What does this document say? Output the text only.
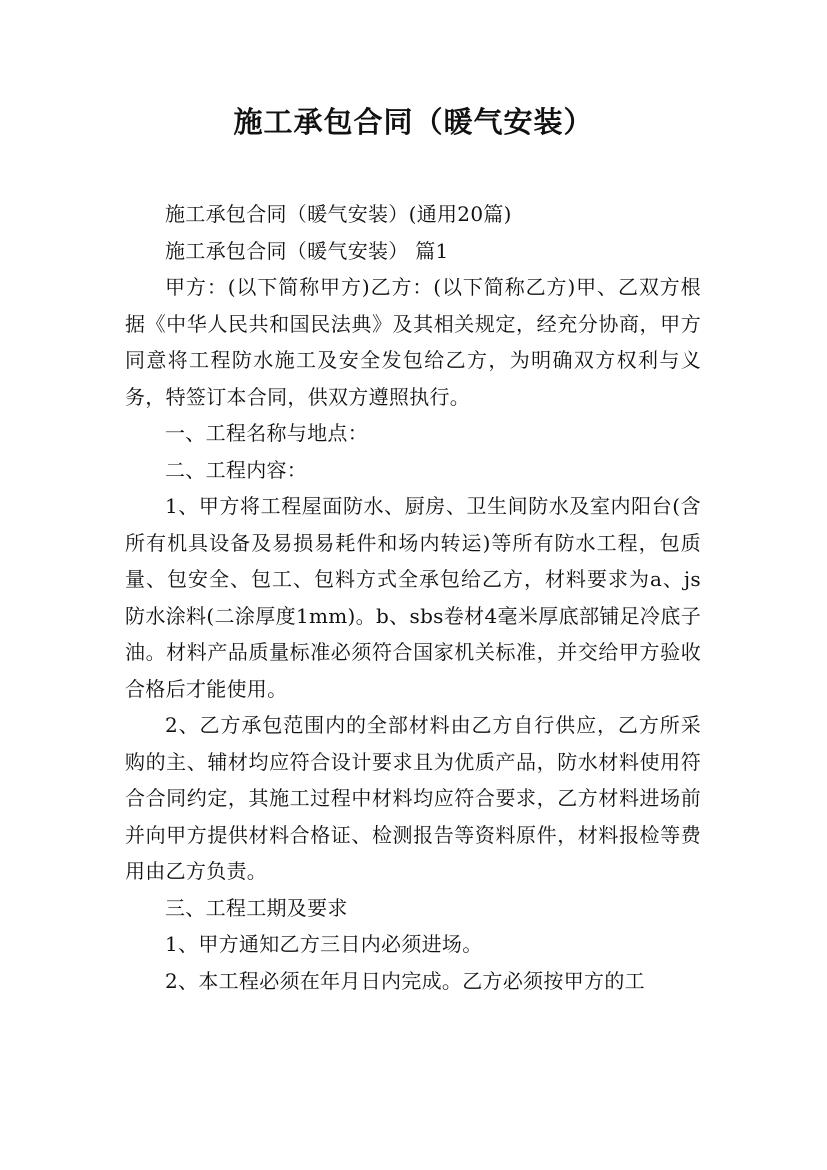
施工承包合同（暖气安装）

施工承包合同（暖气安装）(通用20篇)

施工承包合同（暖气安装） 篇1

甲方：(以下简称甲方)乙方：(以下简称乙方)甲、乙双方根据《中华人民共和国民法典》及其相关规定，经充分协商，甲方同意将工程防水施工及安全发包给乙方，为明确双方权利与义务，特签订本合同，供双方遵照执行。

一、工程名称与地点：

二、工程内容：

1、甲方将工程屋面防水、厨房、卫生间防水及室内阳台(含所有机具设备及易损易耗件和场内转运)等所有防水工程，包质量、包安全、包工、包料方式全承包给乙方，材料要求为a、js防水涂料(二涂厚度1mm)。b、sbs卷材4毫米厚底部铺足冷底子油。材料产品质量标准必须符合国家机关标准，并交给甲方验收合格后才能使用。

2、乙方承包范围内的全部材料由乙方自行供应，乙方所采购的主、辅材均应符合设计要求且为优质产品，防水材料使用符合合同约定，其施工过程中材料均应符合要求，乙方材料进场前并向甲方提供材料合格证、检测报告等资料原件，材料报检等费用由乙方负责。

三、工程工期及要求

1、甲方通知乙方三日内必须进场。

2、本工程必须在年月日内完成。乙方必须按甲方的工
